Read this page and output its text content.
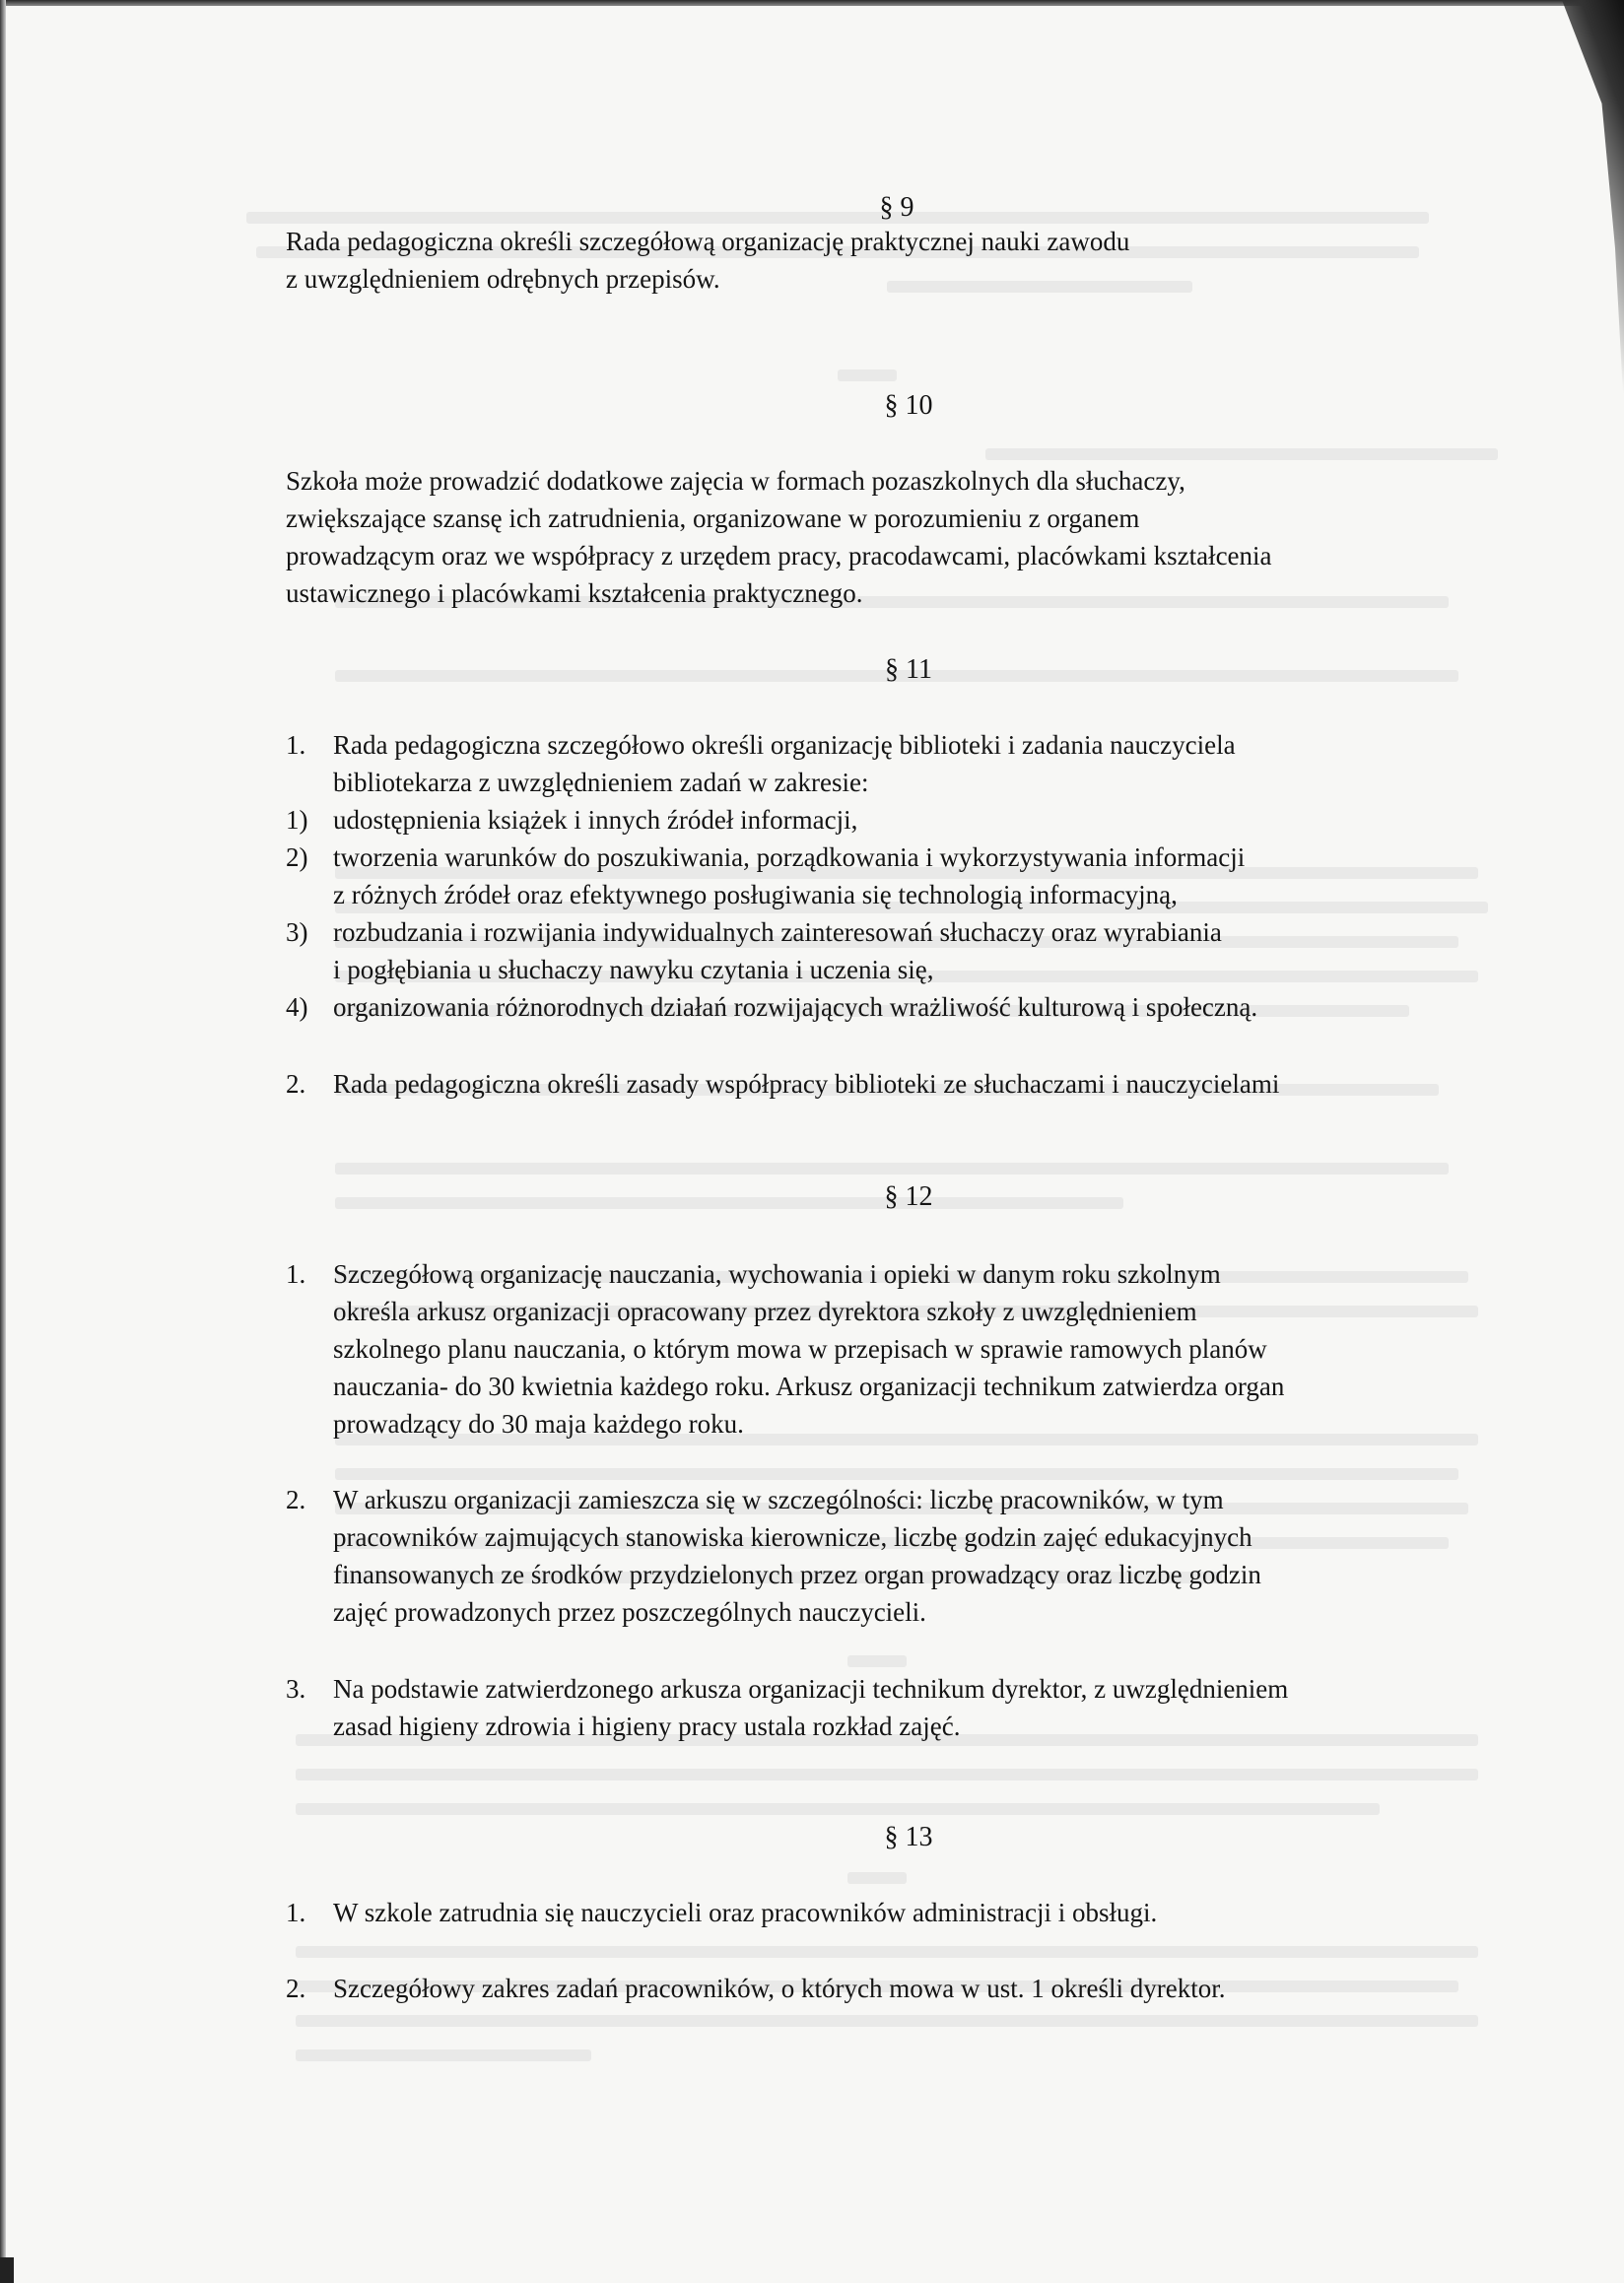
§ 9
Rada pedagogiczna określi szczegółową organizację praktycznej nauki zawodu
z uwzględnieniem odrębnych przepisów.
§ 10
Szkoła może prowadzić dodatkowe zajęcia w formach pozaszkolnych dla słuchaczy,
zwiększające szansę ich zatrudnienia, organizowane w porozumieniu z organem
prowadzącym oraz we współpracy z urzędem pracy, pracodawcami, placówkami kształcenia
ustawicznego i placówkami kształcenia praktycznego.
§ 11
1.	Rada pedagogiczna szczegółowo określi organizację biblioteki i zadania nauczyciela
bibliotekarza z uwzględnieniem zadań w zakresie:
1) udostępnienia książek i innych źródeł informacji,
2) tworzenia warunków do poszukiwania, porządkowania i wykorzystywania informacji
z różnych źródeł oraz efektywnego posługiwania się technologią informacyjną,
3) rozbudzania i rozwijania indywidualnych zainteresowań słuchaczy oraz wyrabiania
i pogłębiania u słuchaczy nawyku czytania i uczenia się,
4) organizowania różnorodnych działań rozwijających wrażliwość kulturową i społeczną.
2.	Rada pedagogiczna określi zasady współpracy biblioteki ze słuchaczami i nauczycielami
§ 12
1.	Szczegółową organizację nauczania, wychowania i opieki w danym roku szkolnym
określa arkusz organizacji opracowany przez dyrektora szkoły z uwzględnieniem
szkolnego planu nauczania, o którym mowa w przepisach w sprawie ramowych planów
nauczania- do 30 kwietnia każdego roku. Arkusz organizacji technikum zatwierdza organ
prowadzący do 30 maja każdego roku.
2.	W arkuszu organizacji zamieszcza się w szczególności: liczbę pracowników, w tym
pracowników zajmujących stanowiska kierownicze, liczbę godzin zajęć edukacyjnych
finansowanych ze środków przydzielonych przez organ prowadzący oraz liczbę godzin
zajęć prowadzonych przez poszczególnych nauczycieli.
3.	Na podstawie zatwierdzonego arkusza organizacji technikum dyrektor, z uwzględnieniem
zasad higieny zdrowia i higieny pracy ustala rozkład zajęć.
§ 13
1.	W szkole zatrudnia się nauczycieli oraz pracowników administracji i obsługi.
2.	Szczegółowy zakres zadań pracowników, o których mowa w ust. 1 określi dyrektor.
